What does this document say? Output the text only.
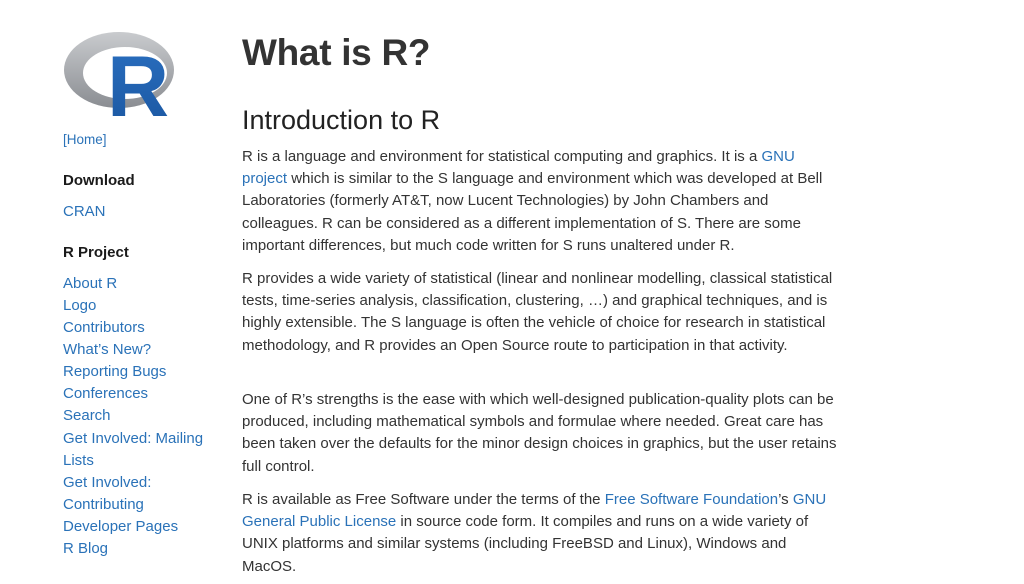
R
[Home]
Download
CRAN
R Project
About R
Logo
Contributors
What’s New?
Reporting Bugs
Conferences
Search
Get Involved: Mailing
Lists
Get Involved:
Contributing
Developer Pages
R Blog
What is R?
Introduction to R

R is a language and environment for statistical computing and graphics. It is a GNU project which is similar to the S language and environment which was developed at Bell Laboratories (formerly AT&T, now Lucent Technologies) by John Chambers and colleagues. R can be considered as a different implementation of S. There are some important differences, but much code written for S runs unaltered under R.

R provides a wide variety of statistical (linear and nonlinear modelling, classical statistical tests, time-series analysis, classification, clustering, …) and graphical techniques, and is highly extensible. The S language is often the vehicle of choice for research in statistical methodology, and R provides an Open Source route to participation in that activity.

One of R’s strengths is the ease with which well-designed publication-quality plots can be produced, including mathematical symbols and formulae where needed. Great care has been taken over the defaults for the minor design choices in graphics, but the user retains full control.

R is available as Free Software under the terms of the Free Software Foundation’s GNU General Public License in source code form. It compiles and runs on a wide variety of UNIX platforms and similar systems (including FreeBSD and Linux), Windows and MacOS.
